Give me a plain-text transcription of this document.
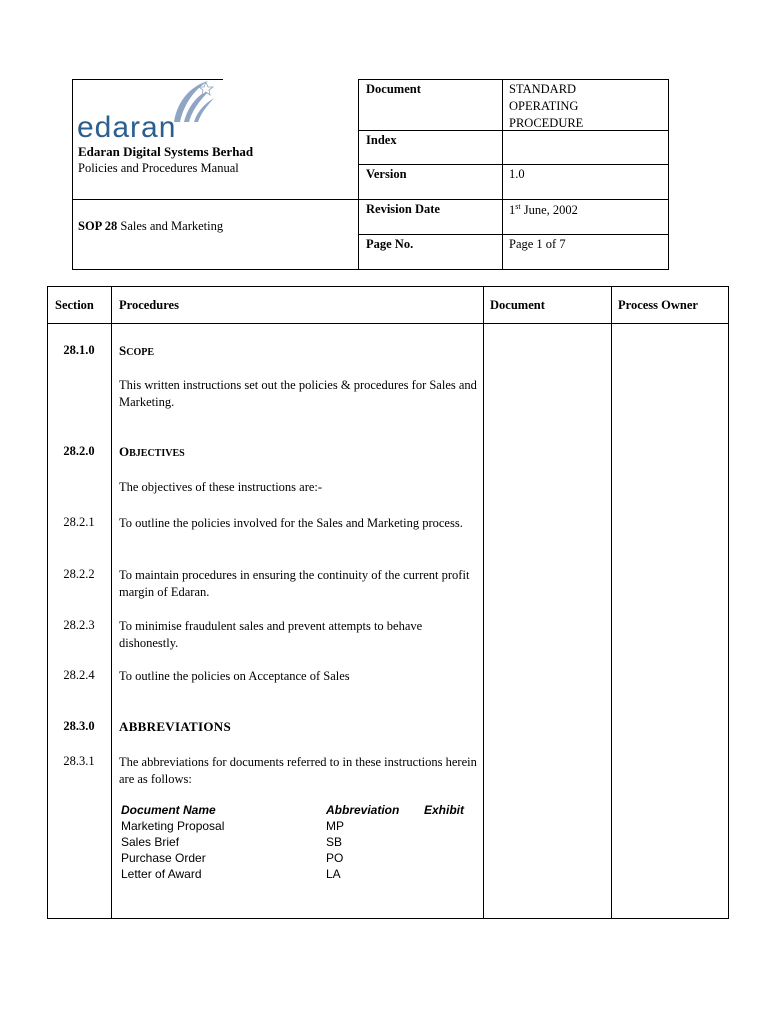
edaran
Edaran Digital Systems Berhad
Policies and Procedures Manual
SOP 28 Sales and Marketing
Document	STANDARD
OPERATING
PROCEDURE
Index
Version	1.0
Revision Date	1st June, 2002
Page No.	Page 1 of 7
Section Procedures	Document	Process Owner
28.1.0	SCOPE
This written instructions set out the policies & procedures for Sales and Marketing.
28.2.0	OBJECTIVES
The objectives of these instructions are:-
28.2.1	To outline the policies involved for the Sales and Marketing process.
28.2.2	To maintain procedures in ensuring the continuity of the current profit margin of Edaran.
28.2.3	To minimise fraudulent sales and prevent attempts to behave dishonestly.
28.2.4	To outline the policies on Acceptance of Sales
28.3.0	ABBREVIATIONS
28.3.1	The abbreviations for documents referred to in these instructions herein are as follows:
Document Name	Abbreviation Exhibit
Marketing Proposal	MP
Sales Brief	SB
Purchase Order	PO
Letter of Award	LA
